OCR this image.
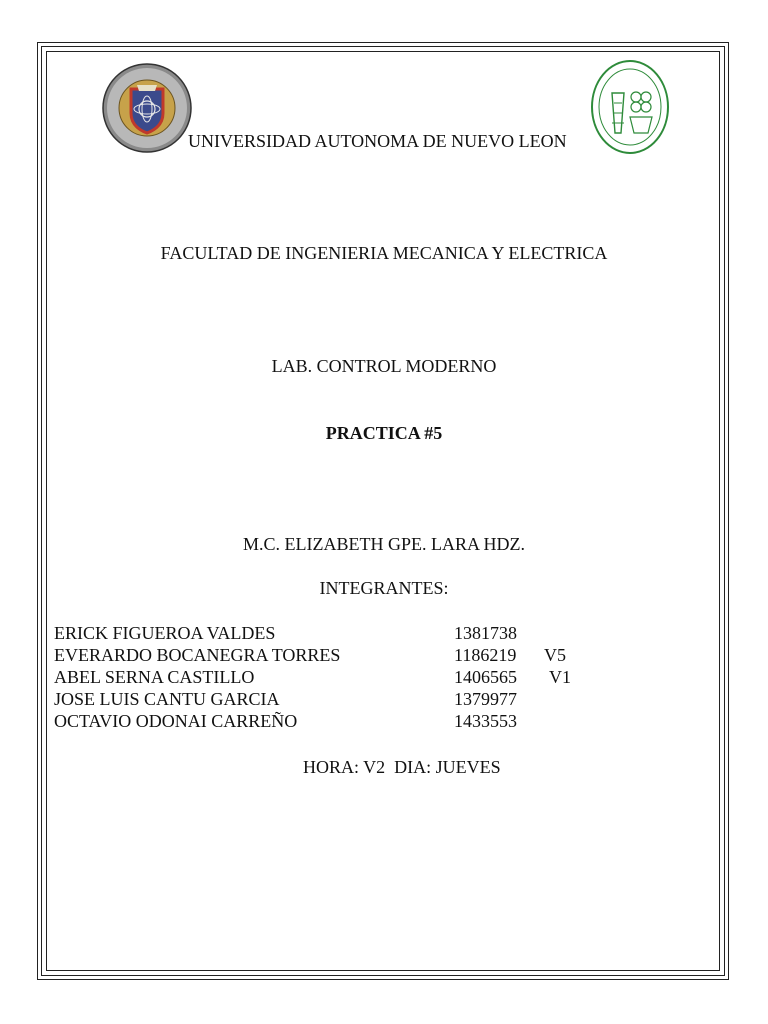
UNIVERSIDAD AUTONOMA DE NUEVO LEON
FACULTAD DE INGENIERIA MECANICA Y ELECTRICA
LAB. CONTROL MODERNO
PRACTICA #5
M.C. ELIZABETH GPE. LARA HDZ.
INTEGRANTES:
ERICK FIGUEROA VALDES	1381738
EVERARDO BOCANEGRA TORRES	1186219 V5
ABEL SERNA CASTILLO	1406565 V1
JOSE LUIS CANTU GARCIA	1379977
OCTAVIO ODONAI CARREÑO	1433553
HORA: V2  DIA: JUEVES
